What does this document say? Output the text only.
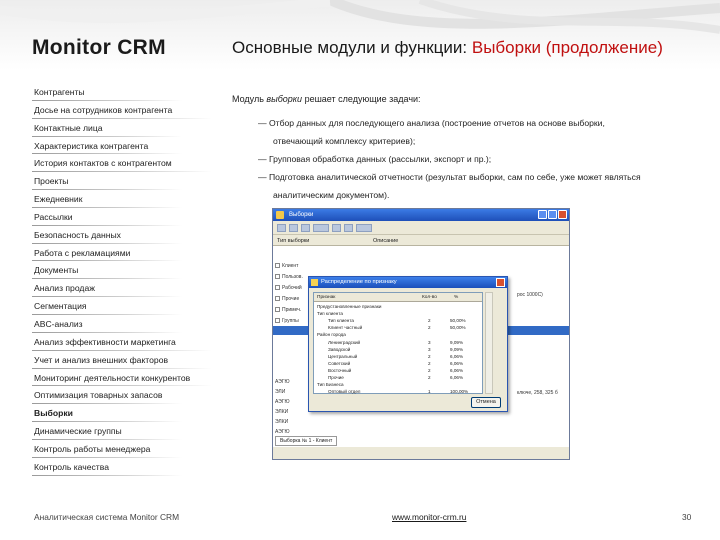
Monitor CRM	Основные модули и функции: Выборки (продолжение)
Контрагенты
Досье на сотрудников контрагента
Контактные лица
Характеристика контрагента
История контактов с контрагентом
Проекты
Ежедневник
Рассылки
Безопасность данных
Работа с рекламациями
Документы
Анализ продаж
Сегментация
ABC-анализ
Анализ эффективности маркетинга
Учет и анализ внешних факторов
Мониторинг деятельности конкурентов
Оптимизация товарных запасов
Выборки
Динамические группы
Контроль работы менеджера
Контроль качества
Модуль выборки решает следующие задачи:
— Отбор данных для последующего анализа (построение отчетов на основе выборки,
отвечающий комплексу критериев);
— Групповая обработка данных (рассылки, экспорт и пр.);
— Подготовка аналитической отчетности (результат выборки, сам по себе, уже может являться
аналитическим документом).
Выборки
Тип выборки	Описание
Клиент
Пользов.
Рабочий
Прочие
Примеч.
Группы
АЭГЮ
ЭЛИ
АЭГЮ
ЭЛКИ
ЭЛКИ
АЭГЮ
рос 1000С)
ключе, 258, 325 б
Распределение по признаку
Признак	Кол-во	%
Предустановленные признаки
Тип клиента
Тип клиента	2	50,00%
Клиент частный	2	50,00%
Район города
Ленинградский	3	9,09%
Заводской	3	9,09%
Центральный	2	6,06%
Советский	2	6,06%
Восточный	2	6,06%
Прочие	2	6,06%
Тип Бизнеса
Оптовый отдел	1	100,00%
Отмена
Выборка № 1 - Клиент
Аналитическая система Monitor CRM	www.monitor-crm.ru	30
